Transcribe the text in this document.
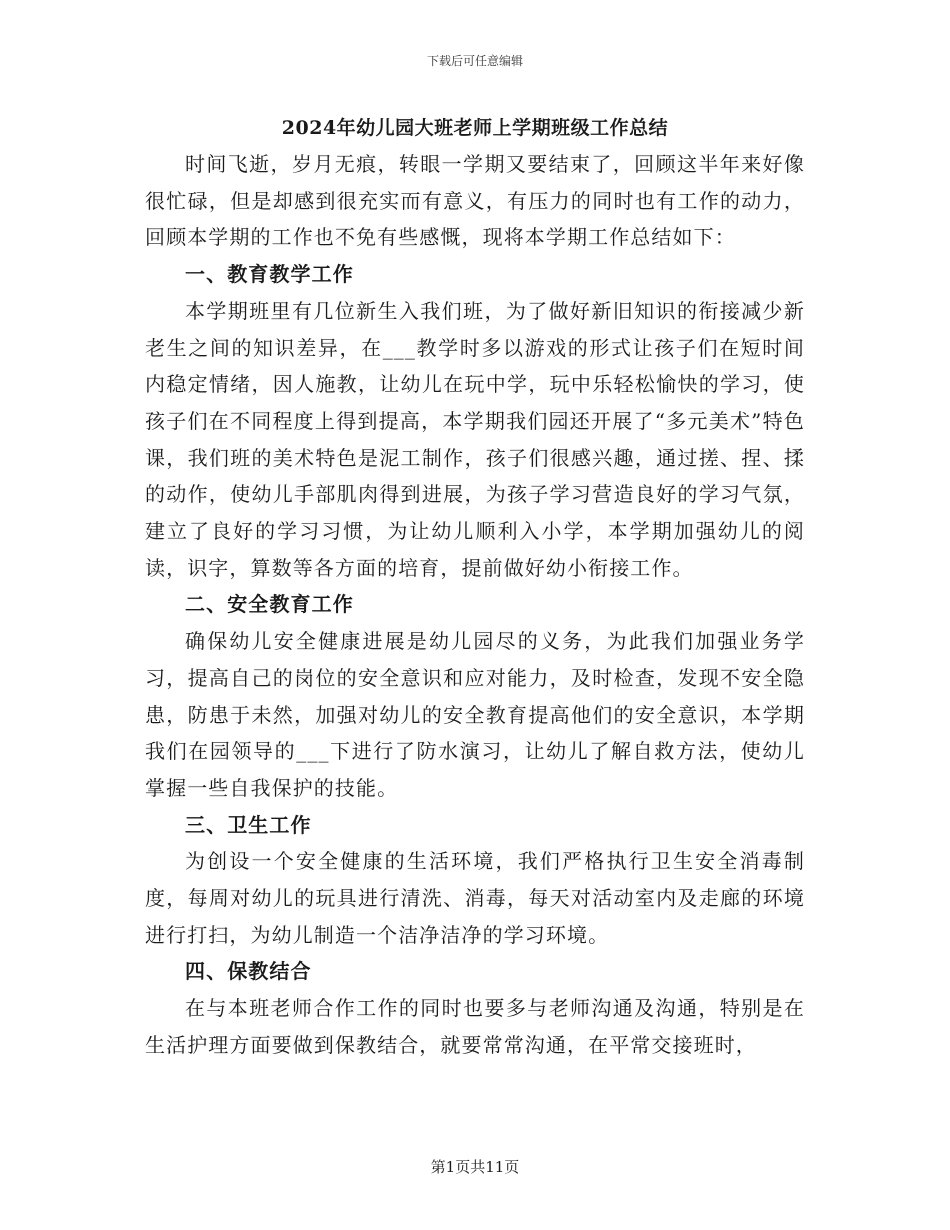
下载后可任意编辑
2024年幼儿园大班老师上学期班级工作总结

时间飞逝，岁月无痕，转眼一学期又要结束了，回顾这半年来好像很忙碌，但是却感到很充实而有意义，有压力的同时也有工作的动力，回顾本学期的工作也不免有些感慨，现将本学期工作总结如下：

一、教育教学工作

本学期班里有几位新生入我们班，为了做好新旧知识的衔接减少新老生之间的知识差异，在___教学时多以游戏的形式让孩子们在短时间内稳定情绪，因人施教，让幼儿在玩中学，玩中乐轻松愉快的学习，使孩子们在不同程度上得到提高，本学期我们园还开展了“多元美术”特色课，我们班的美术特色是泥工制作，孩子们很感兴趣，通过搓、捏、揉的动作，使幼儿手部肌肉得到进展，为孩子学习营造良好的学习气氛，建立了良好的学习习惯，为让幼儿顺利入小学，本学期加强幼儿的阅读，识字，算数等各方面的培育，提前做好幼小衔接工作。

二、安全教育工作

确保幼儿安全健康进展是幼儿园尽的义务，为此我们加强业务学习，提高自己的岗位的安全意识和应对能力，及时检查，发现不安全隐患，防患于未然，加强对幼儿的安全教育提高他们的安全意识，本学期我们在园领导的___下进行了防水演习，让幼儿了解自救方法，使幼儿掌握一些自我保护的技能。

三、卫生工作

为创设一个安全健康的生活环境，我们严格执行卫生安全消毒制度，每周对幼儿的玩具进行清洗、消毒，每天对活动室内及走廊的环境进行打扫，为幼儿制造一个洁净洁净的学习环境。

四、保教结合

在与本班老师合作工作的同时也要多与老师沟通及沟通，特别是在生活护理方面要做到保教结合，就要常常沟通，在平常交接班时，

第1页共11页
